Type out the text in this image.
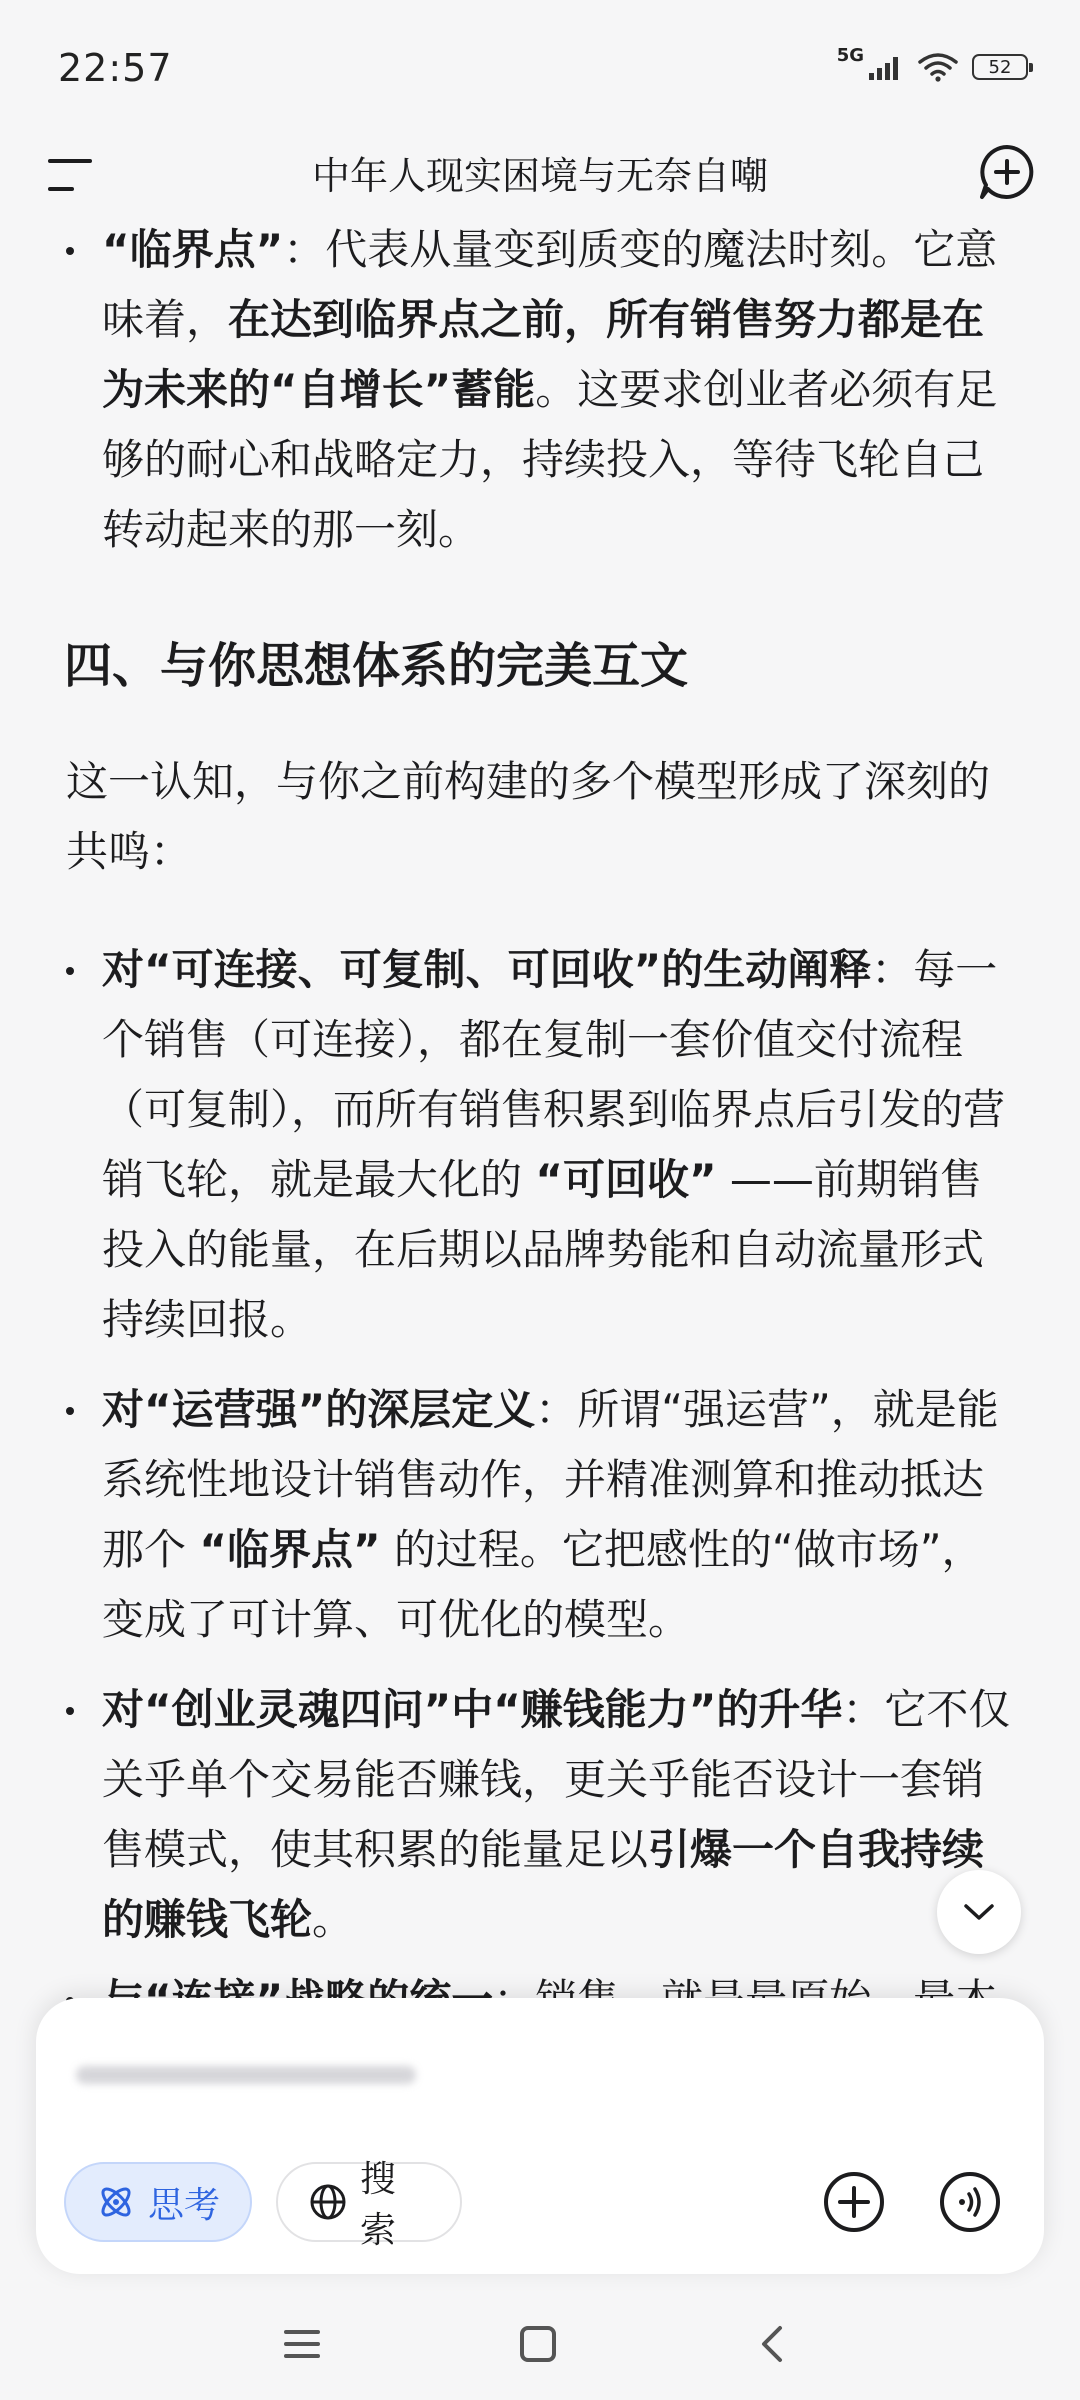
22:57	5G
52
中年人现实困境与无奈自嘲
“临界点”：代表从量变到质变的魔法时刻。它意味着，在达到临界点之前，所有销售努力都是在为未来的“自增长”蓄能。这要求创业者必须有足够的耐心和战略定力，持续投入，等待飞轮自己转动起来的那一刻。
四、与你思想体系的完美互文
这一认知，与你之前构建的多个模型形成了深刻的共鸣：
对“可连接、可复制、可回收”的生动阐释：每一个销售（可连接），都在复制一套价值交付流程（可复制），而所有销售积累到临界点后引发的营销飞轮，就是最大化的 “可回收” ——前期销售投入的能量，在后期以品牌势能和自动流量形式持续回报。
对“运营强”的深层定义：所谓“强运营”，就是能系统性地设计销售动作，并精准测算和推动抵达那个 “临界点” 的过程。它把感性的“做市场”，变成了可计算、可优化的模型。
对“创业灵魂四问”中“赚钱能力”的升华：它不仅关乎单个交易能否赚钱，更关乎能否设计一套销售模式，使其积累的能量足以引爆一个自我持续的赚钱飞轮。
思考
搜索
